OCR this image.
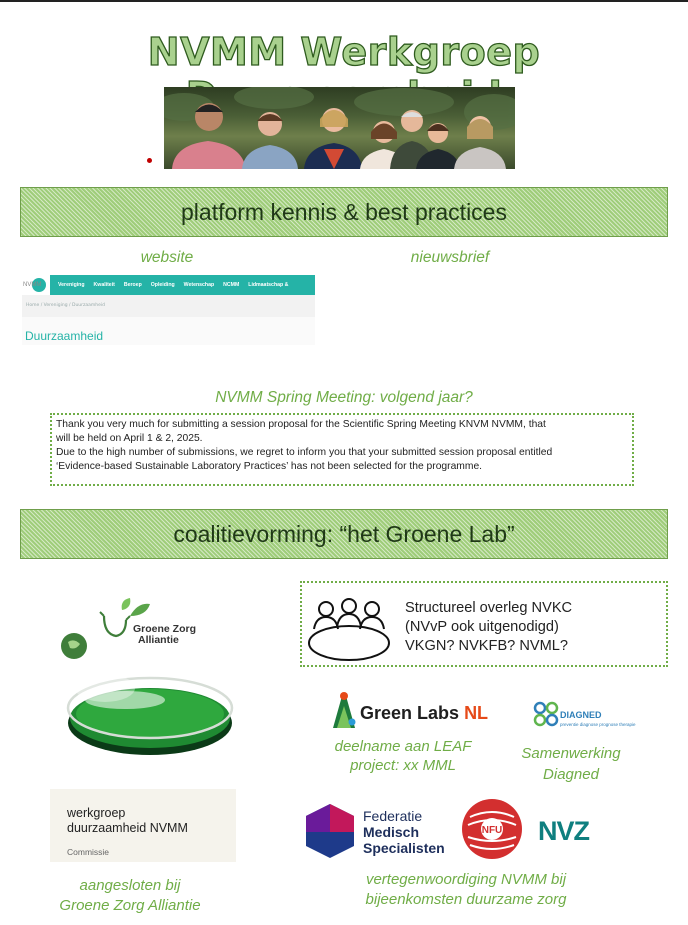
NVMM Werkgroep
platform kennis & best practices
website	nieuwsbrief
NVMM	Vereniging Kwaliteit Beroep Opleiding Wetenschap NCMM Lidmaatschap &
Home / Vereniging / Duurzaamheid
Duurzaamheid
NVMM Spring Meeting: volgend jaar?
Thank you very much for submitting a session proposal for the Scientific Spring Meeting KNVM NVMM, that
will be held on April 1 & 2, 2025.
Due to the high number of submissions, we regret to inform you that your submitted session proposal entitled
‘Evidence-based Sustainable Laboratory Practices’ has not been selected for the programme.
coalitievorming: “het Groene Lab”
Groene Zorg
Alliantie
Structureel overleg NVKC
(NVvP ook uitgenodigd)
VKGN? NVKFB? NVML?
Green Labs NL
deelname aan LEAF
project: xx MML
DIAGNED
preventie diagnose prognose therapie
Samenwerking
Diagned
werkgroep
duurzaamheid NVMM
Commissie
aangesloten bij
Groene Zorg Alliantie
Federatie
Medisch
Specialisten
NFU NVZ
vertegenwoordiging NVMM bij
bijeenkomsten duurzame zorg
